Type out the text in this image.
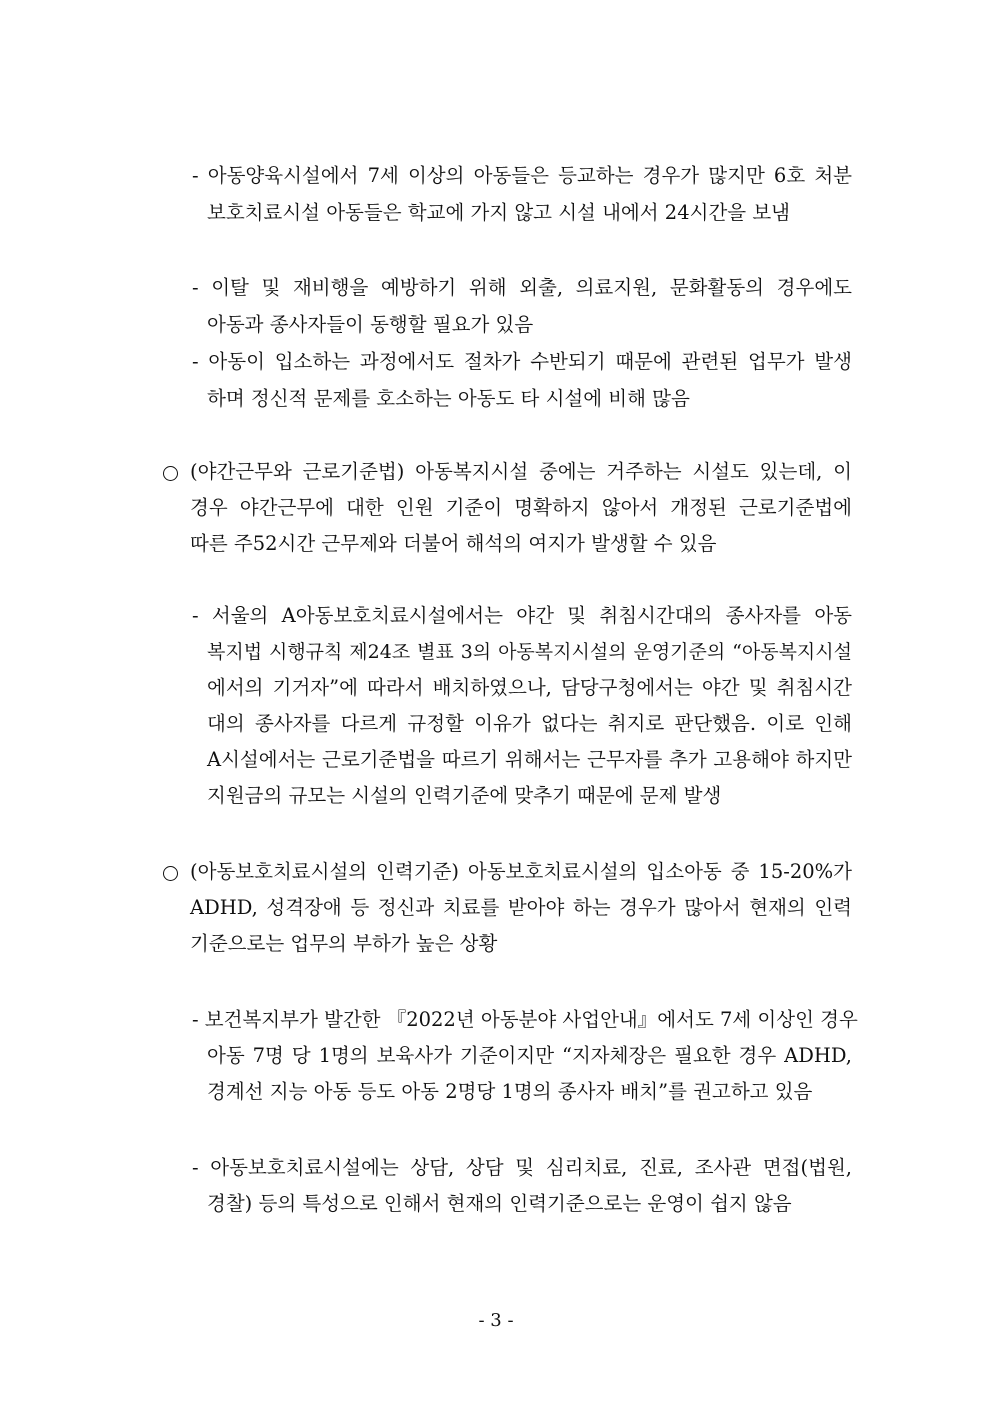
- 아동양육시설에서 7세 이상의 아동들은 등교하는 경우가 많지만 6호 처분
보호치료시설 아동들은 학교에 가지 않고 시설 내에서 24시간을 보냄
- 이탈 및 재비행을 예방하기 위해 외출, 의료지원, 문화활동의 경우에도
아동과 종사자들이 동행할 필요가 있음
- 아동이 입소하는 과정에서도 절차가 수반되기 때문에 관련된 업무가 발생
하며 정신적 문제를 호소하는 아동도 타 시설에 비해 많음
(야간근무와 근로기준법) 아동복지시설 중에는 거주하는 시설도 있는데, 이
경우 야간근무에 대한 인원 기준이 명확하지 않아서 개정된 근로기준법에
따른 주52시간 근무제와 더불어 해석의 여지가 발생할 수 있음
- 서울의 A아동보호치료시설에서는 야간 및 취침시간대의 종사자를 아동
복지법 시행규칙 제24조 별표 3의 아동복지시설의 운영기준의 “아동복지시설
에서의 기거자”에 따라서 배치하였으나, 담당구청에서는 야간 및 취침시간
대의 종사자를 다르게 규정할 이유가 없다는 취지로 판단했음. 이로 인해
A시설에서는 근로기준법을 따르기 위해서는 근무자를 추가 고용해야 하지만
지원금의 규모는 시설의 인력기준에 맞추기 때문에 문제 발생
(아동보호치료시설의 인력기준) 아동보호치료시설의 입소아동 중 15-20%가
ADHD, 성격장애 등 정신과 치료를 받아야 하는 경우가 많아서 현재의 인력
기준으로는 업무의 부하가 높은 상황
- 보건복지부가 발간한 『2022년 아동분야 사업안내』에서도 7세 이상인 경우
아동 7명 당 1명의 보육사가 기준이지만 “지자체장은 필요한 경우 ADHD,
경계선 지능 아동 등도 아동 2명당 1명의 종사자 배치”를 권고하고 있음
- 아동보호치료시설에는 상담, 상담 및 심리치료, 진료, 조사관 면접(법원,
경찰) 등의 특성으로 인해서 현재의 인력기준으로는 운영이 쉽지 않음
- 3 -
